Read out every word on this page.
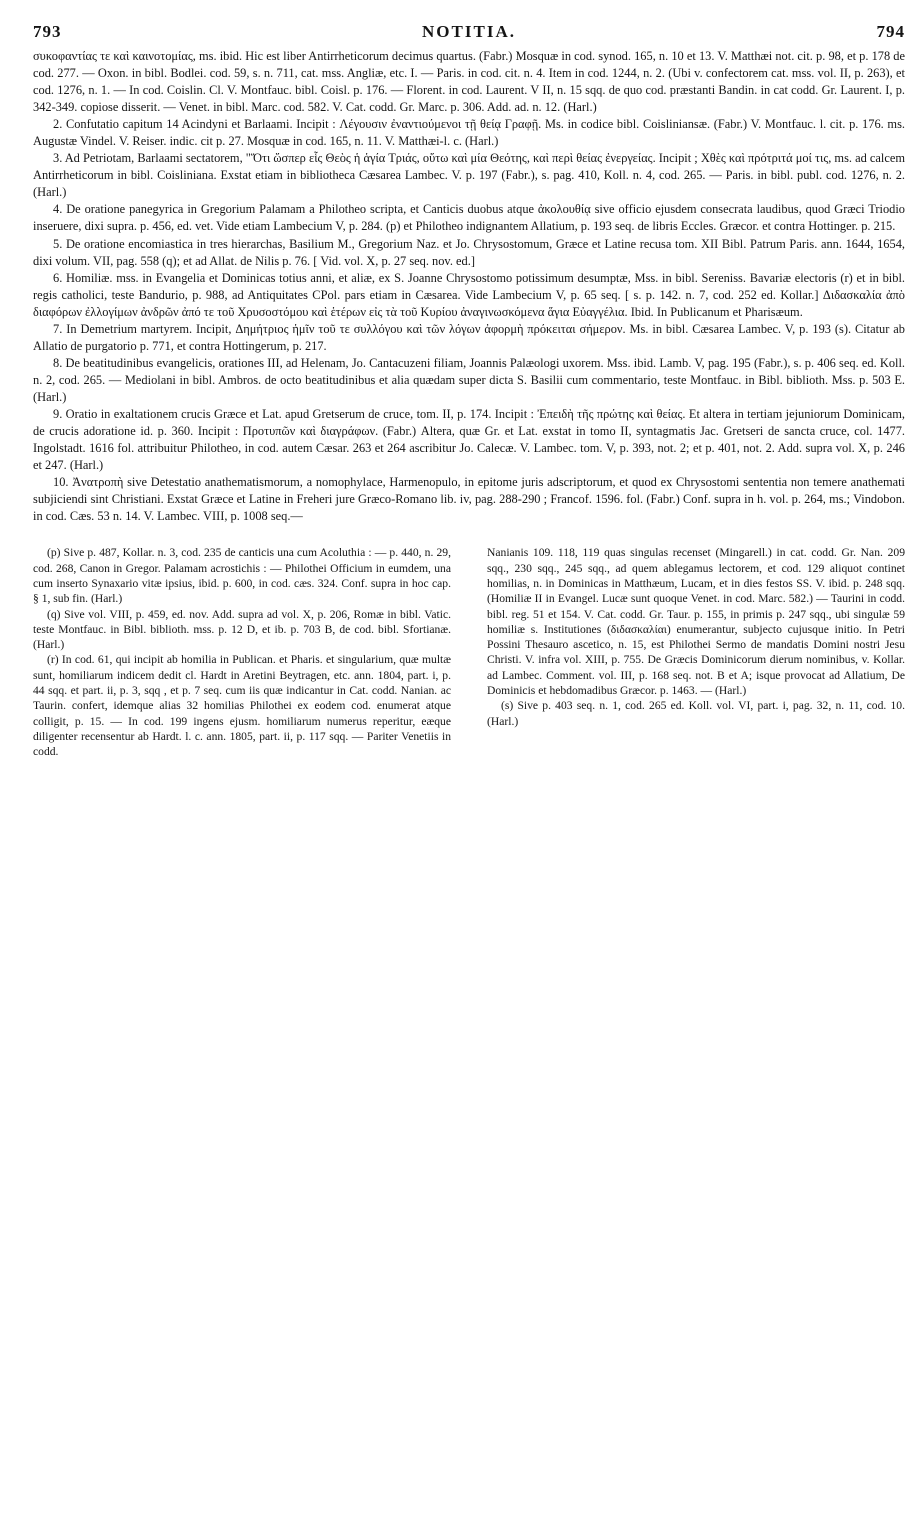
793	NOTITIA.	794

συκοφαντίας τε καὶ καινοτομίας, ms. ibid. Hic est liber Antirrheticorum decimus quartus. (Fabr.) Mosquæ in cod. synod. 165, n. 10 et 13. V. Matthæi not. cit. p. 98, et p. 178 de cod. 277. — Oxon. in bibl. Bodlei. cod. 59, s. n. 711, cat. mss. Angliæ, etc. I. — Paris. in cod. cit. n. 4. Item in cod. 1244, n. 2. (Ubi v. confectorem cat. mss. vol. II, p. 263), et cod. 1276, n. 1. — In cod. Coislin. Cl. V. Montfauc. bibl. Coisl. p. 176. — Florent. in cod. Laurent. V II, n. 15 sqq. de quo cod. præstanti Bandin. in cat codd. Gr. Laurent. I, p. 342-349. copiose disserit. — Venet. in bibl. Marc. cod. 582. V. Cat. codd. Gr. Marc. p. 306. Add. ad. n. 12. (Harl.)

2. Confutatio capitum 14 Acindyni et Barlaami. Incipit : Λέγουσιν ἐναντιούμενοι τῇ θείᾳ Γραφῇ. Ms. in codice bibl. Coisliniansæ. (Fabr.) V. Montfauc. l. cit. p. 176. ms. Augustæ Vindel. V. Reiser. indic. cit p. 27. Mosquæ in cod. 165, n. 11. V. Matthæi-l. c. (Harl.)

3. Ad Petriotam, Barlaami sectatorem, "Ὅτι ὥσπερ εἷς Θεὸς ἡ ἁγία Τριάς, οὕτω καὶ μία Θεότης, καὶ περὶ θείας ἐνεργείας. Incipit ; Χθὲς καὶ πρότριτά μοί τις, ms. ad calcem Antirrheticorum in bibl. Coisliniana. Exstat etiam in bibliotheca Cæsarea Lambec. V. p. 197 (Fabr.), s. pag. 410, Koll. n. 4, cod. 265. — Paris. in bibl. publ. cod. 1276, n. 2. (Harl.)

4. De oratione panegyrica in Gregorium Palamam a Philotheo scripta, et Canticis duobus atque ἀκολουθίᾳ sive officio ejusdem consecrata laudibus, quod Græci Triodio inseruere, dixi supra. p. 456, ed. vet. Vide etiam Lambecium V, p. 284. (p) et Philotheo indignantem Allatium, p. 193 seq. de libris Eccles. Græcor. et contra Hottinger. p. 215.

5. De oratione encomiastica in tres hierarchas, Basilium M., Gregorium Naz. et Jo. Chrysostomum, Græce et Latine recusa tom. XII Bibl. Patrum Paris. ann. 1644, 1654, dixi volum. VII, pag. 558 (q); et ad Allat. de Nilis p. 76. [ Vid. vol. X, p. 27 seq. nov. ed.]

6. Homiliæ. mss. in Evangelia et Dominicas totius anni, et aliæ, ex S. Joanne Chrysostomo potissimum desumptæ, Mss. in bibl. Sereniss. Bavariæ electoris (r) et in bibl. regis catholici, teste Bandurio, p. 988, ad Antiquitates CPol. pars etiam in Cæsarea. Vide Lambecium V, p. 65 seq. [ s. p. 142. n. 7, cod. 252 ed. Kollar.] Διδασκαλία ἀπὸ διαφόρων ἐλλογίμων ἀνδρῶν ἀπό τε τοῦ Χρυσοστόμου καὶ ἑτέρων εἰς τὰ τοῦ Κυρίου ἀναγινωσκόμενα ἅγια Εὐαγγέλια. Ibid. In Publicanum et Pharisæum.

7. In Demetrium martyrem. Incipit, Δημήτριος ἡμῖν τοῦ τε συλλόγου καὶ τῶν λόγων ἀφορμὴ πρόκειται σήμερον. Ms. in bibl. Cæsarea Lambec. V, p. 193 (s). Citatur ab Allatio de purgatorio p. 771, et contra Hottingerum, p. 217.

8. De beatitudinibus evangelicis, orationes III, ad Helenam, Jo. Cantacuzeni filiam, Joannis Palæologi uxorem. Mss. ibid. Lamb. V, pag. 195 (Fabr.), s. p. 406 seq. ed. Koll. n. 2, cod. 265. — Mediolani in bibl. Ambros. de octo beatitudinibus et alia quædam super dicta S. Basilii cum commentario, teste Montfauc. in Bibl. biblioth. Mss. p. 503 E. (Harl.)

9. Oratio in exaltationem crucis Græce et Lat. apud Gretserum de cruce, tom. II, p. 174. Incipit : Ἐπειδὴ τῆς πρώτης καὶ θείας. Et altera in tertiam jejuniorum Dominicam, de crucis adoratione id. p. 360. Incipit : Προτυπῶν καὶ διαγράφων. (Fabr.) Altera, quæ Gr. et Lat. exstat in tomo II, syntagmatis Jac. Gretseri de sancta cruce, col. 1477. Ingolstadt. 1616 fol. attribuitur Philotheo, in cod. autem Cæsar. 263 et 264 ascribitur Jo. Calecæ. V. Lambec. tom. V, p. 393, not. 2; et p. 401, not. 2. Add. supra vol. X, p. 246 et 247. (Harl.)

10. Ἀνατροπὴ sive Detestatio anathematismorum, a nomophylace, Harmenopulo, in epitome juris adscriptorum, et quod ex Chrysostomi sententia non temere anathemati subjiciendi sint Christiani. Exstat Græce et Latine in Freheri jure Græco-Romano lib. iv, pag. 288-290 ; Francof. 1596. fol. (Fabr.) Conf. supra in h. vol. p. 264, ms.; Vindobon. in cod. Cæs. 53 n. 14. V. Lambec. VIII, p. 1008 seq.—

(p) Sive p. 487, Kollar. n. 3, cod. 235 de canticis una cum Acoluthia : — p. 440, n. 29, cod. 268, Canon in Gregor. Palamam acrostichis : — Philothei Officium in eumdem, una cum inserto Synaxario vitæ ipsius, ibid. p. 600, in cod. cæs. 324. Conf. supra in hoc cap. § 1, sub fin. (Harl.)

(q) Sive vol. VIII, p. 459, ed. nov. Add. supra ad vol. X, p. 206, Romæ in bibl. Vatic. teste Montfauc. in Bibl. biblioth. mss. p. 12 D, et ib. p. 703 B, de cod. bibl. Sfortianæ. (Harl.)

(r) In cod. 61, qui incipit ab homilia in Publican. et Pharis. et singularium, quæ multæ sunt, homiliarum indicem dedit cl. Hardt in Aretini Beytragen, etc. ann. 1804, part. i, p. 44 sqq. et part. ii, p. 3, sqq , et p. 7 seq. cum iis quæ indicantur in Cat. codd. Nanian. ac Taurin. confert, idemque alias 32 homilias Philothei ex eodem cod. enumerat atque colligit, p. 15. — In cod. 199 ingens ejusm. homiliarum numerus reperitur, eæque diligenter recensentur ab Hardt. l. c. ann. 1805, part. ii, p. 117 sqq. — Pariter Venetiis in codd.

Nanianis 109. 118, 119 quas singulas recenset (Mingarell.) in cat. codd. Gr. Nan. 209 sqq., 230 sqq., 245 sqq., ad quem ablegamus lectorem, et cod. 129 aliquot continet homilias, n. in Dominicas in Matthæum, Lucam, et in dies festos SS. V. ibid. p. 248 sqq. (Homiliæ II in Evangel. Lucæ sunt quoque Venet. in cod. Marc. 582.) — Taurini in codd. bibl. reg. 51 et 154. V. Cat. codd. Gr. Taur. p. 155, in primis p. 247 sqq., ubi singulæ 59 homiliæ s. Institutiones (διδασκαλίαι) enumerantur, subjecto cujusque initio. In Petri Possini Thesauro ascetico, n. 15, est Philothei Sermo de mandatis Domini nostri Jesu Christi. V. infra vol. XIII, p. 755. De Græcis Dominicorum dierum nominibus, v. Kollar. ad Lambec. Comment. vol. III, p. 168 seq. not. B et A; isque provocat ad Allatium, De Dominicis et hebdomadibus Græcor. p. 1463. — (Harl.)

(s) Sive p. 403 seq. n. 1, cod. 265 ed. Koll. vol. VI, part. i, pag. 32, n. 11, cod. 10. (Harl.)
